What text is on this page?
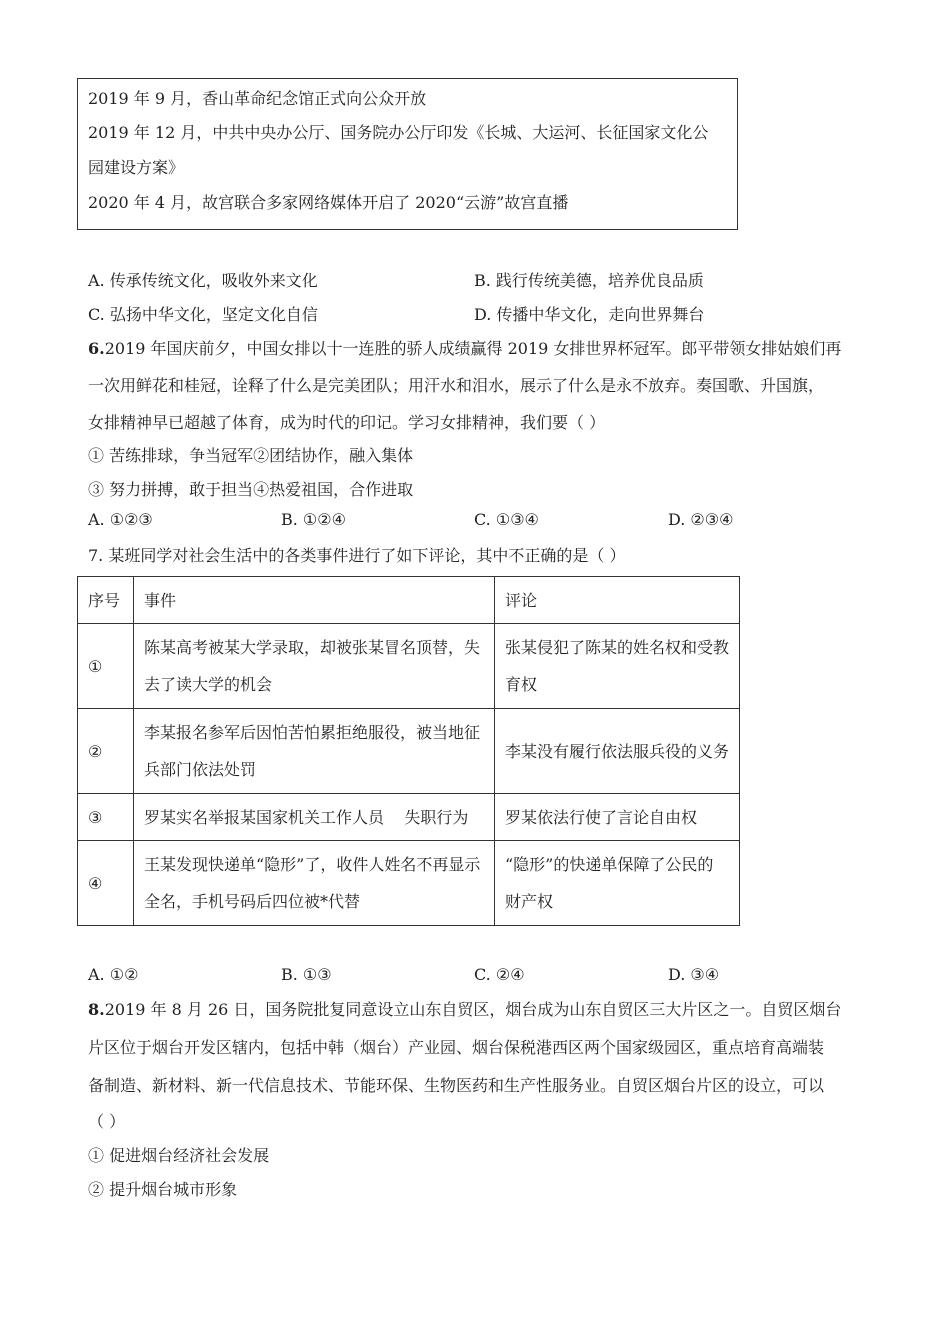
2019 年 9 月，香山革命纪念馆正式向公众开放
2019 年 12 月，中共中央办公厅、国务院办公厅印发《长城、大运河、长征国家文化公
园建设方案》
2020 年 4 月，故宫联合多家网络媒体开启了 2020“云游”故宫直播
A. 传承传统文化，吸收外来文化	B. 践行传统美德，培养优良品质
C. 弘扬中华文化，坚定文化自信	D. 传播中华文化，走向世界舞台
6.2019 年国庆前夕，中国女排以十一连胜的骄人成绩赢得 2019 女排世界杯冠军。郎平带领女排姑娘们再
一次用鲜花和桂冠，诠释了什么是完美团队；用汗水和泪水，展示了什么是永不放弃。奏国歌、升国旗，
女排精神早已超越了体育，成为时代的印记。学习女排精神，我们要（ ）
① 苦练排球，争当冠军②团结协作，融入集体
③ 努力拼搏，敢于担当④热爱祖国，合作进取
A. ①②③	B. ①②④	C. ①③④	D. ②③④
7. 某班同学对社会生活中的各类事件进行了如下评论，其中不正确的是（ ）
序号	事件	评论
①	陈某高考被某大学录取，却被张某冒名顶替，失去了读大学的机会	张某侵犯了陈某的姓名权和受教育权
②	李某报名参军后因怕苦怕累拒绝服役，被当地征兵部门依法处罚	李某没有履行依法服兵役的义务
③	罗某实名举报某国家机关工作人员    失职行为	罗某依法行使了言论自由权
④	王某发现快递单“隐形”了，收件人姓名不再显示全名，手机号码后四位被*代替	“隐形”的快递单保障了公民的财产权
A. ①②	B. ①③	C. ②④	D. ③④
8.2019 年 8 月 26 日，国务院批复同意设立山东自贸区，烟台成为山东自贸区三大片区之一。自贸区烟台
片区位于烟台开发区辖内，包括中韩（烟台）产业园、烟台保税港西区两个国家级园区，重点培育高端装
备制造、新材料、新一代信息技术、节能环保、生物医药和生产性服务业。自贸区烟台片区的设立，可以
（ ）
① 促进烟台经济社会发展
② 提升烟台城市形象
